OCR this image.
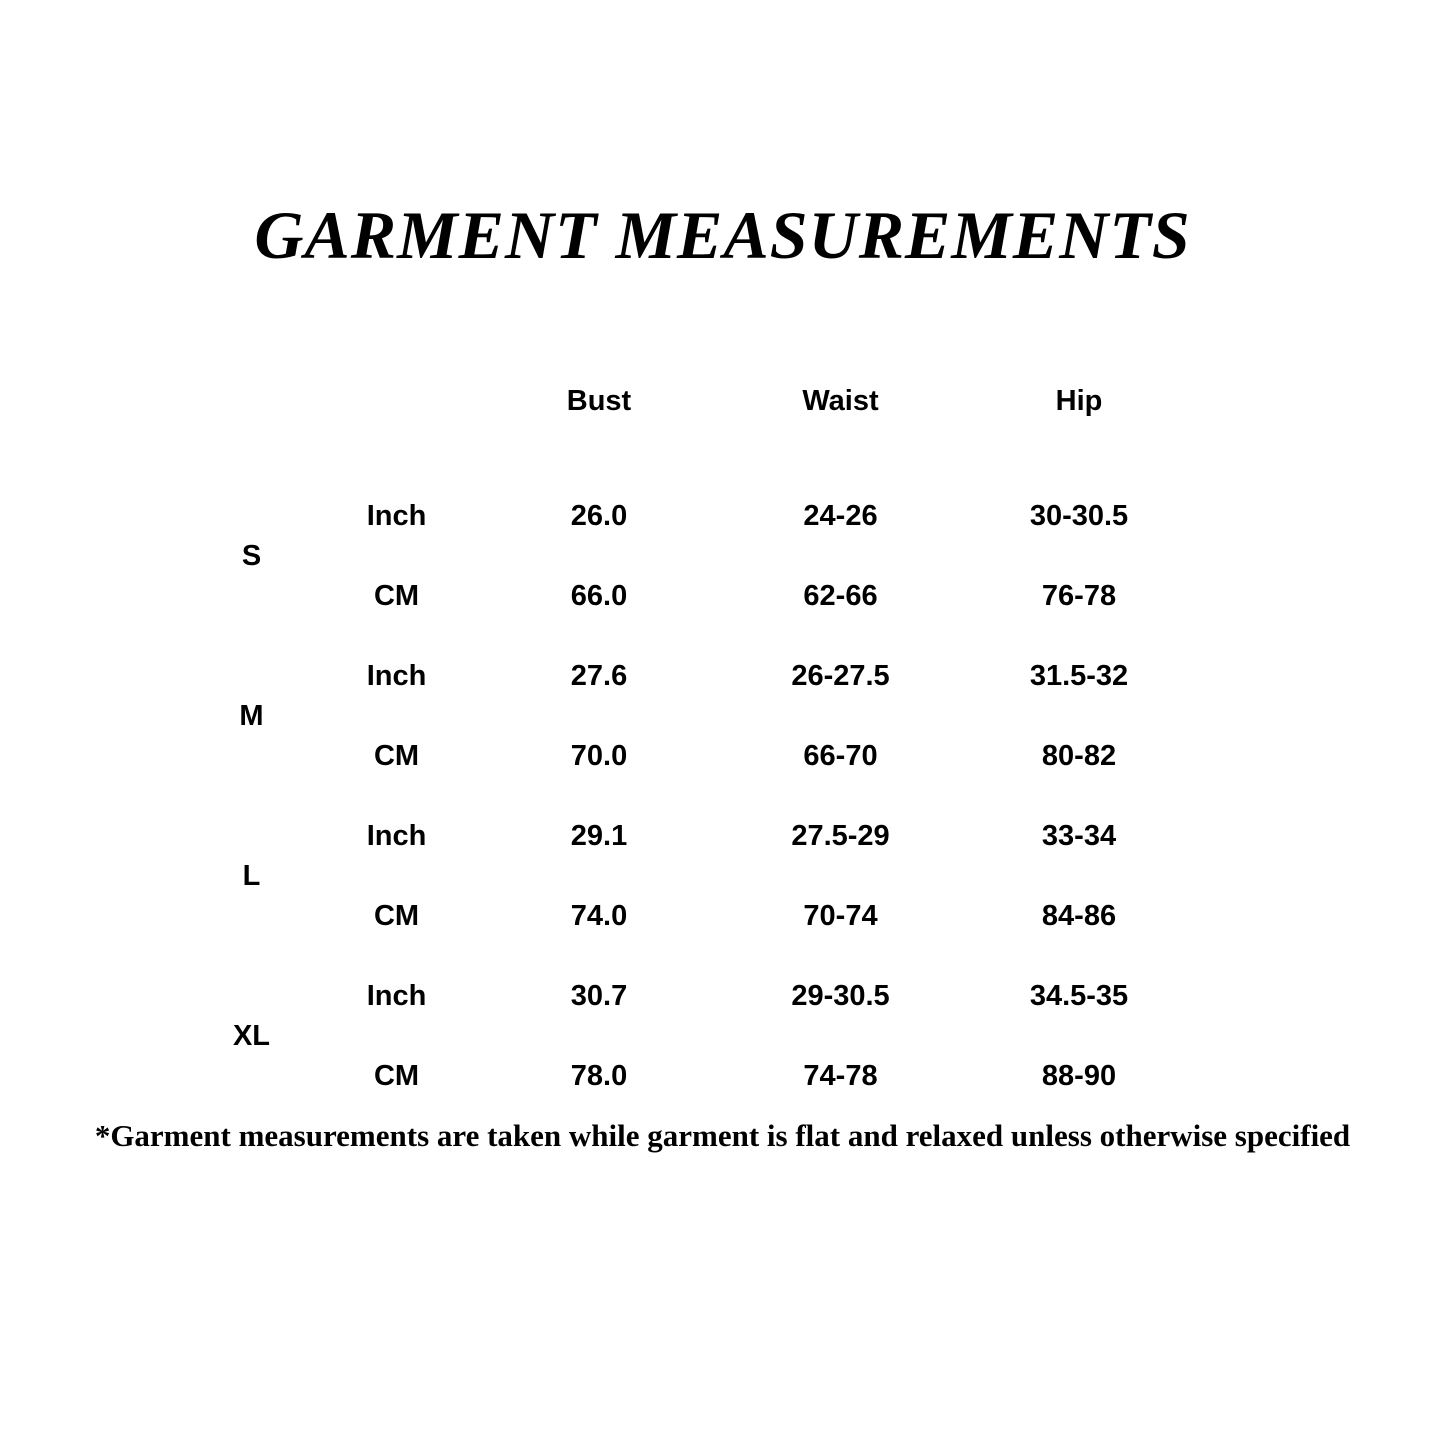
GARMENT MEASUREMENTS
Unit: $\frac{\text{Inch}}{CM}$		Bust	Waist	Hip
S	Inch	26.0	24-26	30-30.5
	CM	66.0	62-66	76-78
M	Inch	27.6	26-27.5	31.5-32
	CM	70.0	66-70	80-82
L	Inch	29.1	27.5-29	33-34
	CM	74.0	70-74	84-86
XL	Inch	30.7	29-30.5	34.5-35
	CM	78.0	74-78	88-90
*Garment measurements are taken while garment is flat and relaxed unless otherwise specified
